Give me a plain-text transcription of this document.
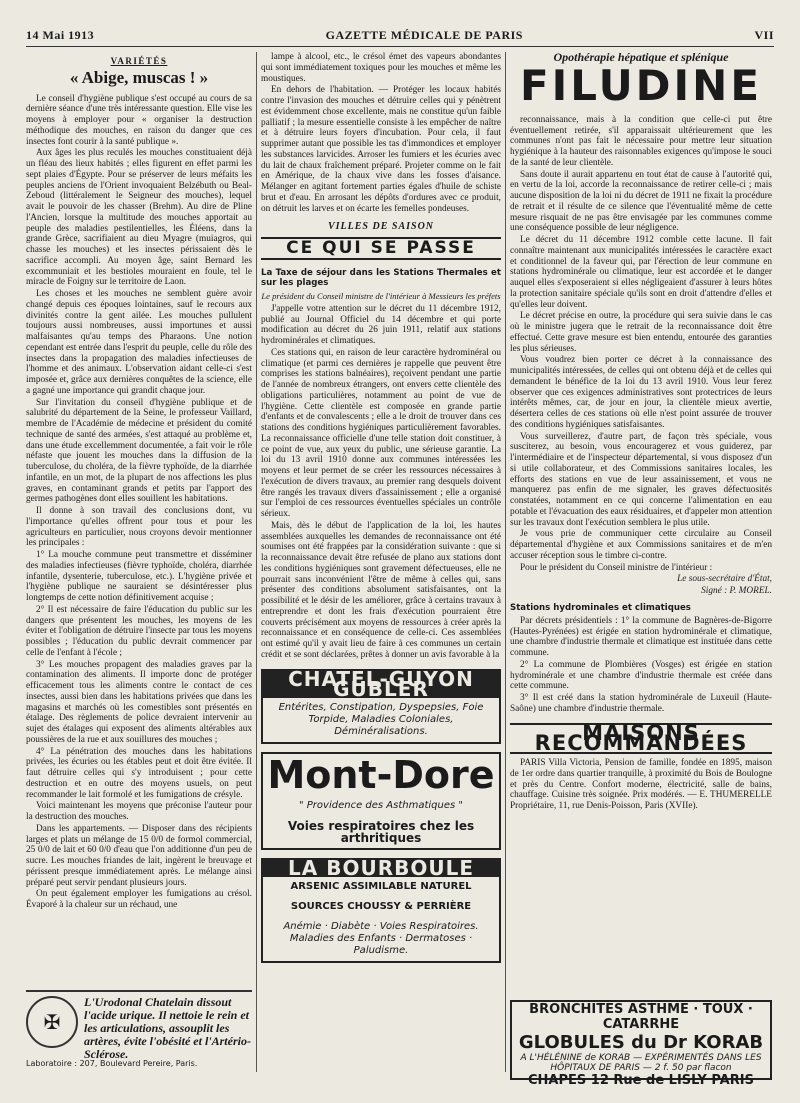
14 Mai 1913	GAZETTE MÉDICALE DE PARIS	VII
VARIÉTÉS
« Abige, muscas ! »

Le conseil d'hygiène publique s'est occupé au cours de sa dernière séance d'une très intéressante question. Elle vise les moyens à employer pour « organiser la destruction méthodique des mouches, en raison du danger que ces insectes font courir à la santé publique ».

Aux âges les plus reculés les mouches constituaient déjà un fléau des lieux habités ; elles figurent en effet parmi les sept plaies d'Égypte. Pour se préserver de leurs méfaits les peuples anciens de l'Orient invoquaient Belzébuth ou Beal-Zeboud (littéralement le Seigneur des mouches), lequel avait le pouvoir de les chasser (Brehm). Au dire de Pline l'Ancien, lorsque la multitude des mouches apportait au peuple des maladies pestilentielles, les Éléens, dans la grande Grèce, sacrifiaient au dieu Myagre (muiagros, qui chasse les mouches) et les insectes périssaient dès le sacrifice accompli. Au moyen âge, saint Bernard les excommuniait et les bestioles mouraient en foule, tel le miracle de Foigny sur le territoire de Laon.

Les choses et les mouches ne semblent guère avoir changé depuis ces époques lointaines, sauf le recours aux divinités contre la gent ailée. Les mouches pullulent toujours aussi nombreuses, aussi importunes et aussi malfaisantes qu'au temps des Pharaons. Une notion cependant est entrée dans l'esprit du peuple, celle du rôle des insectes dans la propagation des maladies infectieuses de l'homme et des animaux. L'observation aidant celle-ci s'est imposée et, grâce aux dernières conquêtes de la science, elle a gagné une importance qui grandit chaque jour.

Sur l'invitation du conseil d'hygiène publique et de salubrité du département de la Seine, le professeur Vaillard, membre de l'Académie de médecine et président du comité technique de santé des armées, s'est attaqué au problème et, dans une étude excellemment documentée, a fait voir le rôle néfaste que jouent les mouches dans la diffusion de la tuberculose, du choléra, de la fièvre typhoïde, de la diarrhée infantile, en un mot, de la plupart de nos affections les plus graves, en contaminant grands et petits par l'apport des germes pathogènes dont elles souillent les habitations.

Il donne à son travail des conclusions dont, vu l'importance qu'elles offrent pour tous et pour les agriculteurs en particulier, nous croyons devoir mentionner les principales :

1° La mouche commune peut transmettre et disséminer des maladies infectieuses (fièvre typhoïde, choléra, diarrhée infantile, dysenterie, tuberculose, etc.). L'hygiène privée et l'hygiène publique ne sauraient se désintéresser plus longtemps de cette notion définitivement acquise ;

2° Il est nécessaire de faire l'éducation du public sur les dangers que présentent les mouches, les moyens de les éviter et l'obligation de détruire l'insecte par tous les moyens possibles ; l'éducation du public devrait commencer par celle de l'enfant à l'école ;

3° Les mouches propagent des maladies graves par la contamination des aliments. Il importe donc de protéger efficacement tous les aliments contre le contact de ces insectes, aussi bien dans les habitations privées que dans les magasins et marchés où les comestibles sont présentés en étalage. Des règlements de police devraient intervenir au sujet des étalages qui exposent des aliments altérables aux poussières de la rue et aux souillures des mouches ;

4° La pénétration des mouches dans les habitations privées, les écuries ou les étables peut et doit être évitée. Il faut détruire celles qui s'y introduisent ; pour cette destruction et en outre des moyens usuels, on peut recommander le lait formolé et les fumigations de crésyle.

Voici maintenant les moyens que préconise l'auteur pour la destruction des mouches.

Dans les appartements. — Disposer dans des récipients larges et plats un mélange de 15 0/0 de formol commercial, 25 0/0 de lait et 60 0/0 d'eau que l'on additionne d'un peu de sucre. Les mouches friandes de lait, ingèrent le breuvage et périssent presque immédiatement après. Le mélange ainsi préparé peut servir pendant plusieurs jours.

On peut également employer les fumigations au crésol. Évaporé à la chaleur sur un réchaud, une

lampe à alcool, etc., le crésol émet des vapeurs abondantes qui sont immédiatement toxiques pour les mouches et même les moustiques.

En dehors de l'habitation. — Protéger les locaux habités contre l'invasion des mouches et détruire celles qui y pénètrent est évidemment chose excellente, mais ne constitue qu'un faible palliatif ; la mesure essentielle consiste à les empêcher de naître et à détruire leurs foyers d'incubation. Pour cela, il faut supprimer autant que possible les tas d'immondices et employer les substances larvicides. Arroser les fumiers et les écuries avec du lait de chaux fraîchement préparé. Projeter comme on le fait en Amérique, de la chaux vive dans les fosses d'aisance. Mélanger en agitant fortement parties égales d'huile de schiste brut et d'eau. En arrosant les dépôts d'ordures avec ce produit, on détruit les larves et on écarte les femelles pondeuses.

VILLES DE SAISON
CE QUI SE PASSE

La Taxe de séjour dans les Stations Thermales et sur les plages

Le président du Conseil ministre de l'intérieur à Messieurs les préfets

J'appelle votre attention sur le décret du 11 décembre 1912, publié au Journal Officiel du 14 décembre et qui porte modification au décret du 26 juin 1911, relatif aux stations hydrominérales et climatiques.

Ces stations qui, en raison de leur caractère hydrominéral ou climatique (et parmi ces dernières je rappelle que peuvent être comprises les stations balnéaires), reçoivent pendant une partie de l'année de nombreux étrangers, ont envers cette clientèle des obligations particulières, notamment au point de vue de l'hygiène. Cette clientèle est composée en grande partie d'enfants et de convalescents ; elle a le droit de trouver dans ces stations des conditions hygiéniques particulièrement favorables. La reconnaissance officielle d'une telle station doit constituer, à ce point de vue, aux yeux du public, une sérieuse garantie. La loi du 13 avril 1910 donne aux communes intéressées les moyens et leur permet de se créer les ressources nécessaires à l'exécution de divers travaux, au premier rang desquels doivent être rangés les travaux divers d'assainissement ; elle a organisé sur l'emploi de ces ressources éventuelles spéciales un contrôle sérieux.

Mais, dès le début de l'application de la loi, les hautes assemblées auxquelles les demandes de reconnaissance ont été soumises ont été frappées par la considération suivante : que si la reconnaissance devait être refusée de plano aux stations dont les conditions hygiéniques sont gravement défectueuses, elle ne pourrait sans inconvénient l'être de même à celles qui, sans présenter des conditions absolument satisfaisantes, ont la possibilité et le désir de les améliorer, grâce à certains travaux à entreprendre et dont les frais d'exécution pourraient être couverts précisément aux moyens de ressources à créer après la reconnaissance et en conséquence de celle-ci. Ces assemblées ont estimé qu'il y avait lieu de faire à ces communes un certain crédit et se sont déclarées, prêtes à donner un avis favorable à la

CHATEL-GUYON GUBLER
Entérites, Constipation, Dyspepsies, Foie Torpide, Maladies Coloniales, Déminéralisations.
Mont-Dore
" Providence des Asthmatiques "
Voies respiratoires chez les arthritiques
LA BOURBOULE
ARSENIC ASSIMILABLE NATUREL
SOURCES CHOUSSY & PERRIÈRE
Anémie · Diabète · Voies Respiratoires. Maladies des Enfants · Dermatoses · Paludisme.
Opothérapie hépatique et splénique
FILUDINE

reconnaissance, mais à la condition que celle-ci put être éventuellement retirée, s'il apparaissait ultérieurement que les communes n'ont pas fait le nécessaire pour mettre leur situation hygiénique à la hauteur des raisonnables exigences qu'impose le souci de la santé de leur clientèle.

Sans doute il aurait appartenu en tout état de cause à l'autorité qui, en vertu de la loi, accorde la reconnaissance de retirer celle-ci ; mais aucune disposition de la loi ni du décret de 1911 ne fixait la procédure de retrait et il résulte de ce silence que l'éventualité même de cette mesure risquait de ne pas être envisagée par les communes comme une conséquence possible de leur négligence.

Le décret du 11 décembre 1912 comble cette lacune. Il fait connaître maintenant aux municipalités intéressées le caractère exact et conditionnel de la faveur qui, par l'érection de leur commune en stations hydrominérale ou climatique, leur est accordée et le danger auquel elles s'exposeraient si elles négligeaient d'assurer à leurs hôtes la protection sanitaire spéciale qu'ils sont en droit d'attendre d'elles et qu'elles leur doivent.

Le décret précise en outre, la procédure qui sera suivie dans le cas où le ministre jugera que le retrait de la reconnaissance doit être effectué. Cette grave mesure est bien entendu, entourée des garanties les plus sérieuses.

Vous voudrez bien porter ce décret à la connaissance des municipalités intéressées, de celles qui ont obtenu déjà et de celles qui demandent le bénéfice de la loi du 13 avril 1910. Vous leur ferez observer que ces exigences administratives sont protectrices de leurs intérêts mêmes, car, de jour en jour, la clientèle mieux avertie, désertera celles de ces stations où elle n'est point assurée de trouver des conditions hygiéniques satisfaisantes.

Vous surveillerez, d'autre part, de façon très spéciale, vous susciterez, au besoin, vous encouragerez et vous guiderez, par l'intermédiaire et de l'inspecteur départemental, si vous disposez d'un si utile collaborateur, et des Commissions sanitaires locales, les efforts des stations en vue de leur assainissement, et vous ne manquerez pas enfin de me signaler, les graves défectuosités constatées, notamment en ce qui concerne l'alimentation en eau potable et l'évacuation des eaux résiduaires, et d'appeler mon attention sur les travaux dont l'exécution semblera le plus utile.

Je vous prie de communiquer cette circulaire au Conseil départemental d'hygiène et aux Commissions sanitaires et de m'en accuser réception sous le timbre ci-contre.

Pour le président du Conseil ministre de l'intérieur :

Le sous-secrétaire d'État,

Signé : P. MOREL.

Stations hydrominales et climatiques

Par décrets présidentiels : 1° la commune de Bagnères-de-Bigorre (Hautes-Pyrénées) est érigée en station hydrominérale et climatique, une chambre d'industrie thermale et climatique est instituée dans cette commune.

2° La commune de Plombières (Vosges) est érigée en station hydrominérale et une chambre d'industrie thermale est créée dans cette commune.

3° Il est créé dans la station hydrominérale de Luxeuil (Haute-Saône) une chambre d'industrie thermale.

MAISONS RECOMMANDÉES

PARIS Villa Victoria, Pension de famille, fondée en 1895, maison de 1er ordre dans quartier tranquille, à proximité du Bois de Boulogne et près du Centre. Confort moderne, électricité, salle de bains, chauffage. Cuisine très soignée. Prix modérés. — E. THUMERELLE Propriétaire, 11, rue Denis-Poisson, Paris (XVIIe).

✠
L'Urodonal Chatelain dissout l'acide urique. Il nettoie le rein et les articulations, assouplit les artères, évite l'obésité et l'Artério-Sclérose.
Laboratoire : 207, Boulevard Pereire, Paris.
BRONCHITES ASTHME · TOUX · CATARRHE
GLOBULES du Dr KORAB
A L'HÉLÉNINE de KORAB — EXPÉRIMENTÉS DANS LES HÔPITAUX DE PARIS — 2 f. 50 par flacon
CHAPES 12 Rue de LISLY PARIS
